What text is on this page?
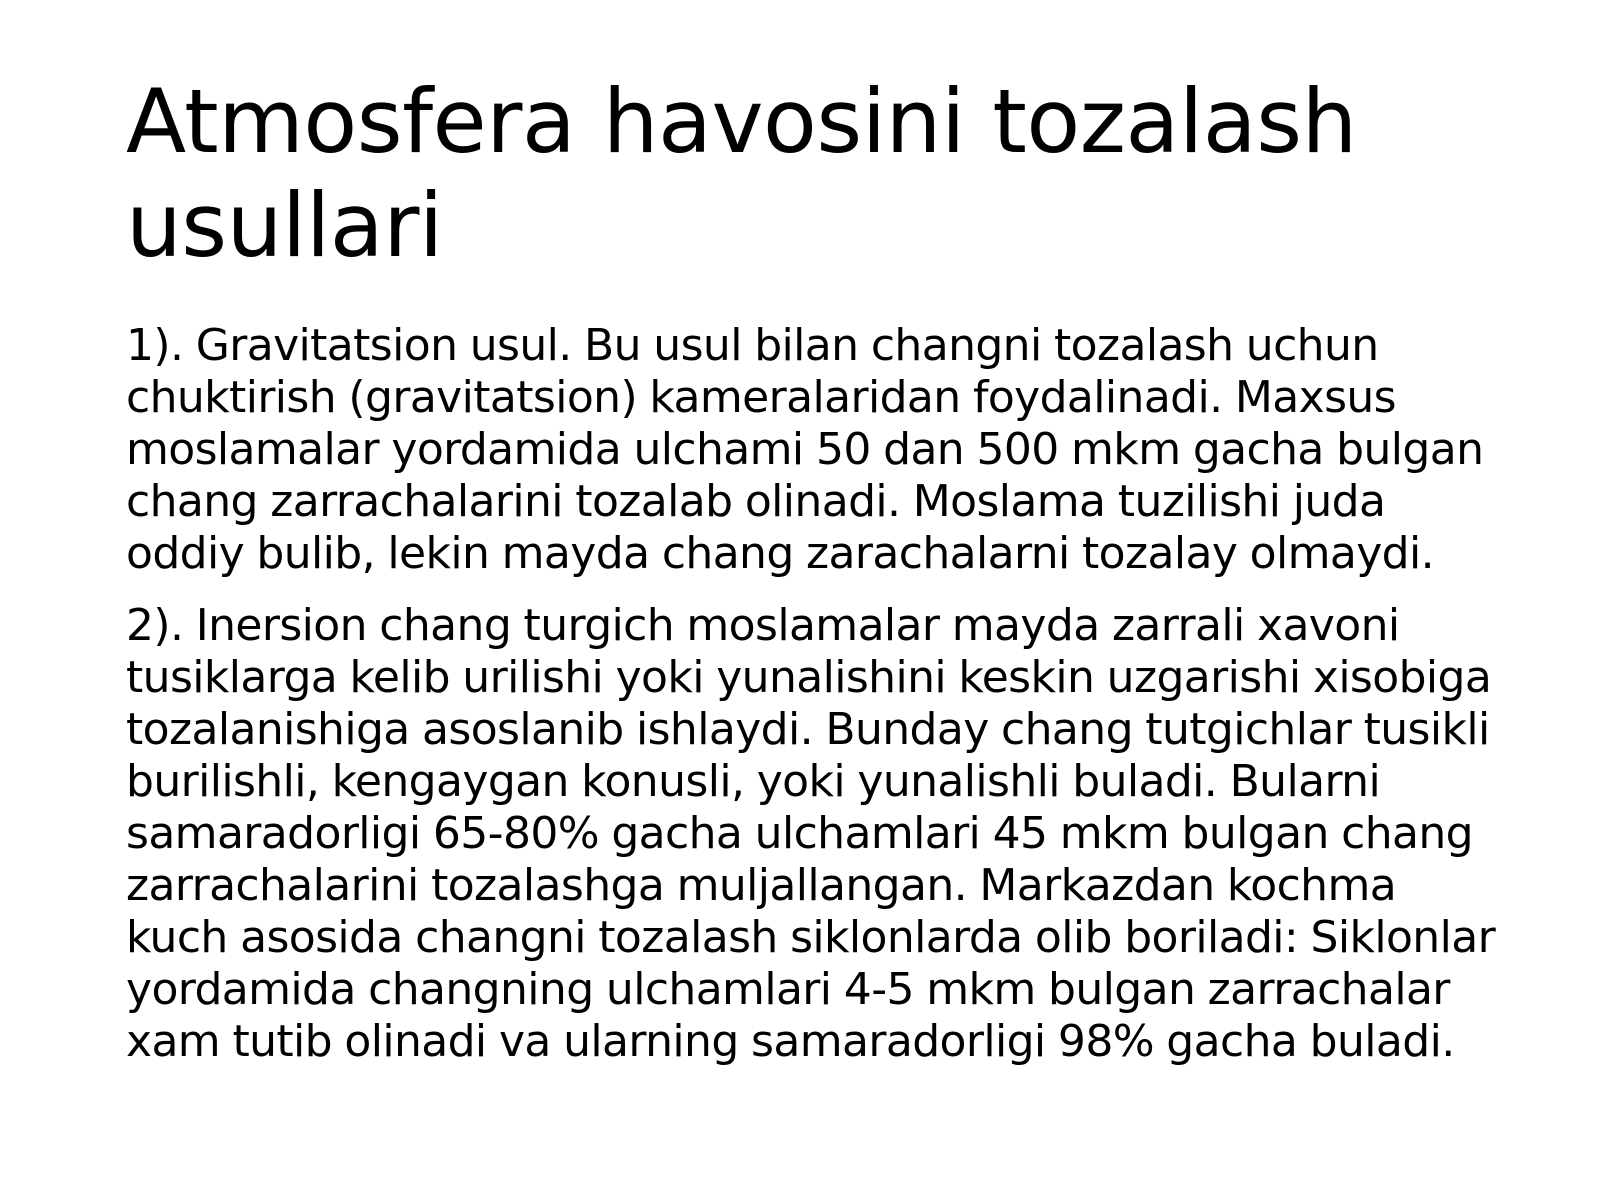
Atmosfera havosini tozalash usullari

1). Gravitatsion usul. Bu usul bilan changni tozalash uchun chuktirish (gravitatsion) kameralaridan foydalinadi. Maxsus moslamalar yordamida ulchami 50 dan 500 mkm gacha bulgan chang zarrachalarini tozalab olinadi. Moslama tuzilishi juda oddiy bulib, lekin mayda chang zarachalarni tozalay olmaydi.

2). Inersion chang turgich moslamalar mayda zarrali xavoni tusiklarga kelib urilishi yoki yunalishini keskin uzgarishi xisobiga tozalanishiga asoslanib ishlaydi. Bunday chang tutgichlar tusikli burilishli, kengaygan konusli, yoki yunalishli buladi. Bularni samaradorligi 65-80% gacha ulchamlari 45 mkm bulgan chang zarrachalarini tozalashga muljallangan. Markazdan kochma kuch asosida changni tozalash siklonlarda olib boriladi: Siklonlar yordamida changning ulchamlari 4-5 mkm bulgan zarrachalar xam tutib olinadi va ularning samaradorligi 98% gacha buladi.
